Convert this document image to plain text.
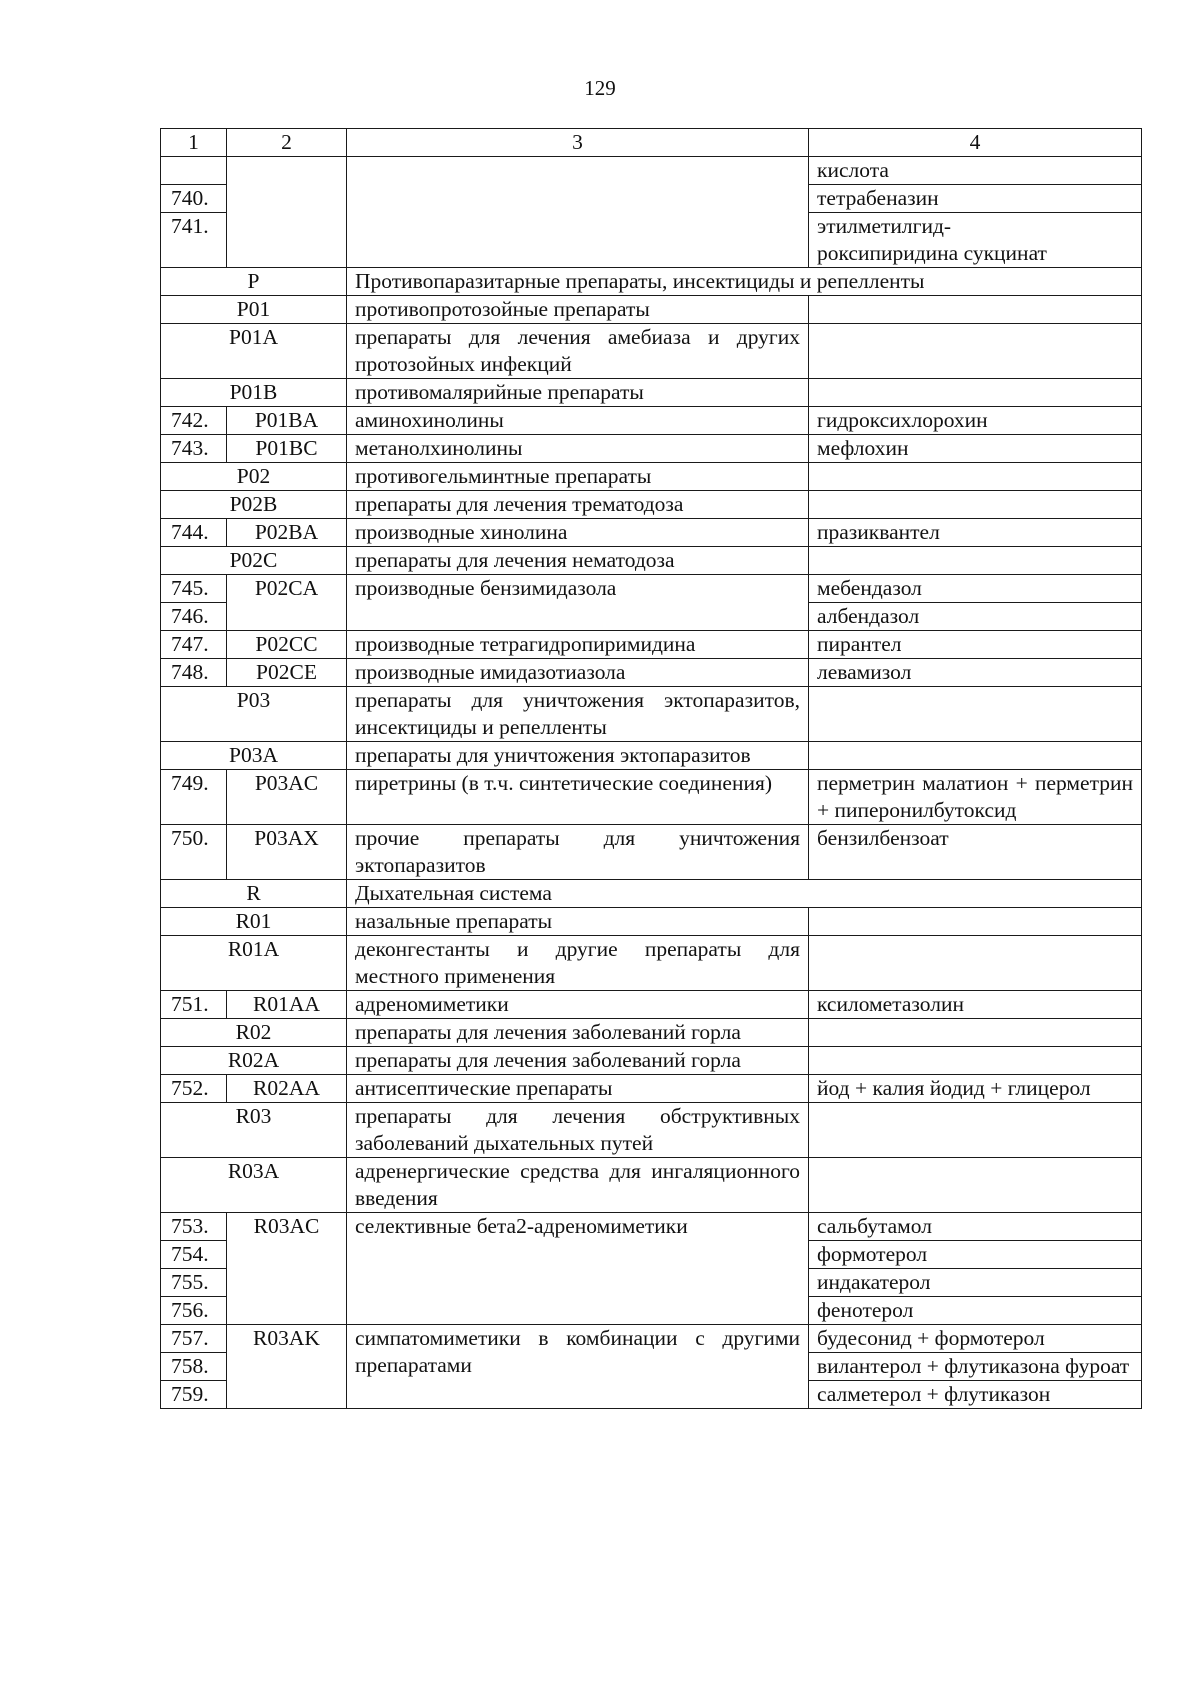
129
1	2	3	4
			кислота
740.			тетрабеназин
741.			этилметилгид-
роксипиридина сукцинат
P		Противопаразитарные препараты, инсектициды и репелленты	
P01		противопротозойные препараты	
P01A		препараты для лечения амебиаза и других протозойных инфекций	
P01B		противомалярийные препараты	
742.	P01BA	аминохинолины	гидроксихлорохин
743.	P01BC	метанолхинолины	мефлохин
P02		противогельминтные препараты	
P02B		препараты для лечения трематодоза	
744.	P02BA	производные хинолина	празиквантел
P02C		препараты для лечения нематодоза	
745.	P02CA	производные бензимидазола	мебендазол
746.			албендазол
747.	P02CC	производные тетрагидропиримидина	пирантел
748.	P02CE	производные имидазотиазола	левамизол
P03		препараты для уничтожения эктопаразитов, инсектициды и репелленты	
P03A		препараты для уничтожения эктопаразитов	
749.	P03AC	пиретрины (в т.ч. синтетические соединения)	перметрин малатион + перметрин + пиперонилбутоксид
750.	P03AX	прочие препараты для уничтожения эктопаразитов	бензилбензоат
R		Дыхательная система	
R01		назальные препараты	
R01A		деконгестанты и другие препараты для местного применения	
751.	R01AA	адреномиметики	ксилометазолин
R02		препараты для лечения заболеваний горла	
R02A		препараты для лечения заболеваний горла	
752.	R02AA	антисептические препараты	йод + калия йодид + глицерол
R03		препараты для лечения обструктивных заболеваний дыхательных путей	
R03A		адренергические средства для ингаляционного введения	
753.	R03AC	селективные бета2-адреномиметики	сальбутамол
754.			формотерол
755.			индакатерол
756.			фенотерол
757.	R03AK	симпатомиметики в комбинации с другими препаратами	будесонид + формотерол
758.			вилантерол + флутиказона фуроат
759.			салметерол + флутиказон
